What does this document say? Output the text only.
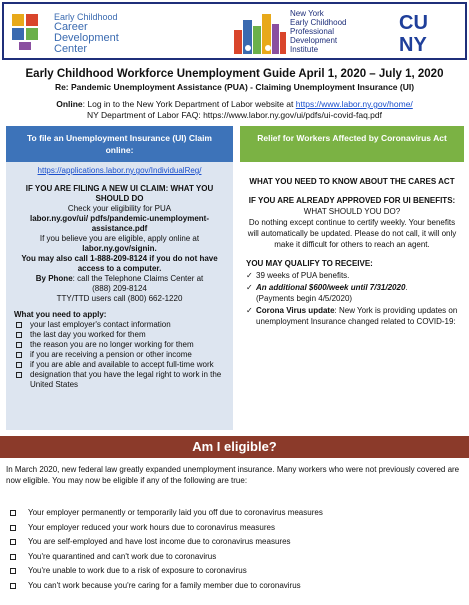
Early Childhood

Career
Development
Center
New York
Early Childhood
Professional
Development
Institute
CU
NY
Early Childhood Workforce Unemployment Guide April 1, 2020 – July 1, 2020
Re: Pandemic Unemployment Assistance (PUA) - Claiming Unemployment Insurance (UI)
Online: Log in to the New York Department of Labor website at https://www.labor.ny.gov/home/
NY Department of Labor FAQ: https://www.labor.ny.gov/ui/pdfs/ui-covid-faq.pdf
To file an Unemployment Insurance (UI) Claim online:
https://applications.labor.ny.gov/IndividualReg/
IF YOU ARE FILING A NEW UI CLAIM: WHAT YOU SHOULD DO
Check your eligibility for PUA
labor.ny.gov/ui/ pdfs/pandemic-unemployment-assistance.pdf
If you believe you are eligible, apply online at
labor.ny.gov/signin.
You may also call 1-888-209-8124 if you do not have access to a computer.
By Phone: call the Telephone Claims Center at
(888) 209-8124
TTY/TTD users call (800) 662-1220
What you need to apply:
your last employer's contact information
the last day you worked for them
the reason you are no longer working for them
if you are receiving a pension or other income
if you are able and available to accept full-time work
designation that you have the legal right to work in the United States
Relief for Workers Affected by Coronavirus Act
WHAT YOU NEED TO KNOW ABOUT THE CARES ACT
IF YOU ARE ALREADY APPROVED FOR UI BENEFITS:
WHAT SHOULD YOU DO?
Do nothing except continue to certify weekly. Your benefits will automatically be updated. Please do not call, it will only make it difficult for others to reach an agent.
YOU MAY QUALIFY TO RECEIVE:
✓ 39 weeks of PUA benefits.
✓ An additional $600/week until 7/31/2020.
(Payments begin 4/5/2020)
✓ Corona Virus update: New York is providing updates on unemployment Insurance changed related to COVID-19:
Am I eligible?
In March 2020, new federal law greatly expanded unemployment insurance. Many workers who were not previously covered are now eligible. You may now be eligible if any of the following are true:
Your employer permanently or temporarily laid you off due to coronavirus measures
Your employer reduced your work hours due to coronavirus measures
You are self-employed and have lost income due to coronavirus measures
You're quarantined and can't work due to coronavirus
You're unable to work due to a risk of exposure to coronavirus
You can't work because you're caring for a family member due to coronavirus
